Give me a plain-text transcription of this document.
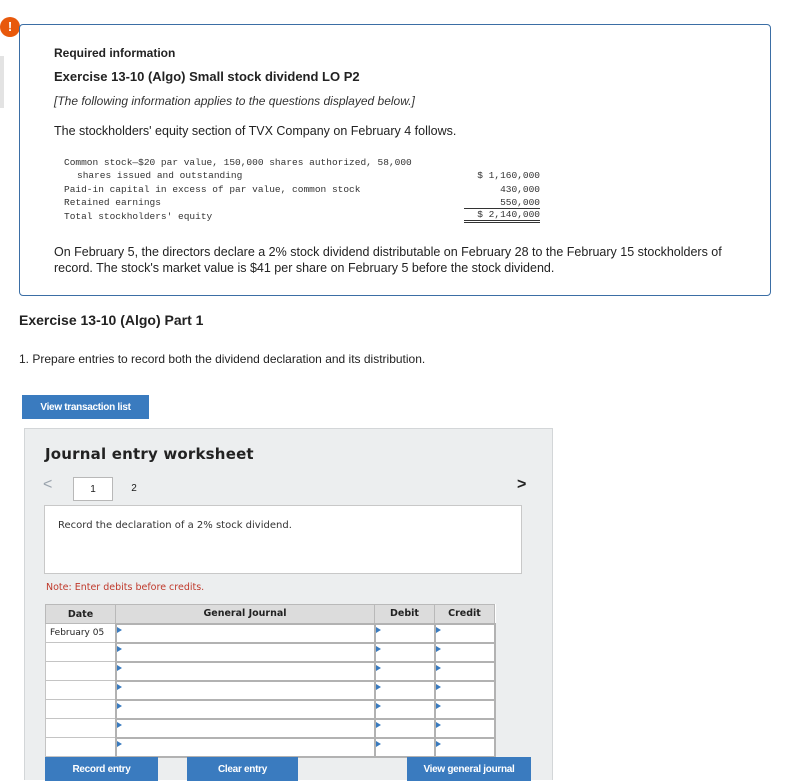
!
Required information
Exercise 13-10 (Algo) Small stock dividend LO P2
[The following information applies to the questions displayed below.]
The stockholders' equity section of TVX Company on February 4 follows.
Common stock—$20 par value, 150,000 shares authorized, 58,000	
shares issued and outstanding	$ 1,160,000
Paid-in capital in excess of par value, common stock	430,000
Retained earnings	550,000
Total stockholders' equity	$ 2,140,000
On February 5, the directors declare a 2% stock dividend distributable on February 28 to the February 15 stockholders of record. The stock's market value is $41 per share on February 5 before the stock dividend.
Exercise 13-10 (Algo) Part 1
1. Prepare entries to record both the dividend declaration and its distribution.
View transaction list
Journal entry worksheet
<	1	2	>
Record the declaration of a 2% stock dividend.
Note: Enter debits before credits.
Date	General Journal	Debit	Credit
February 05			

Record entry	Clear entry	View general journal
